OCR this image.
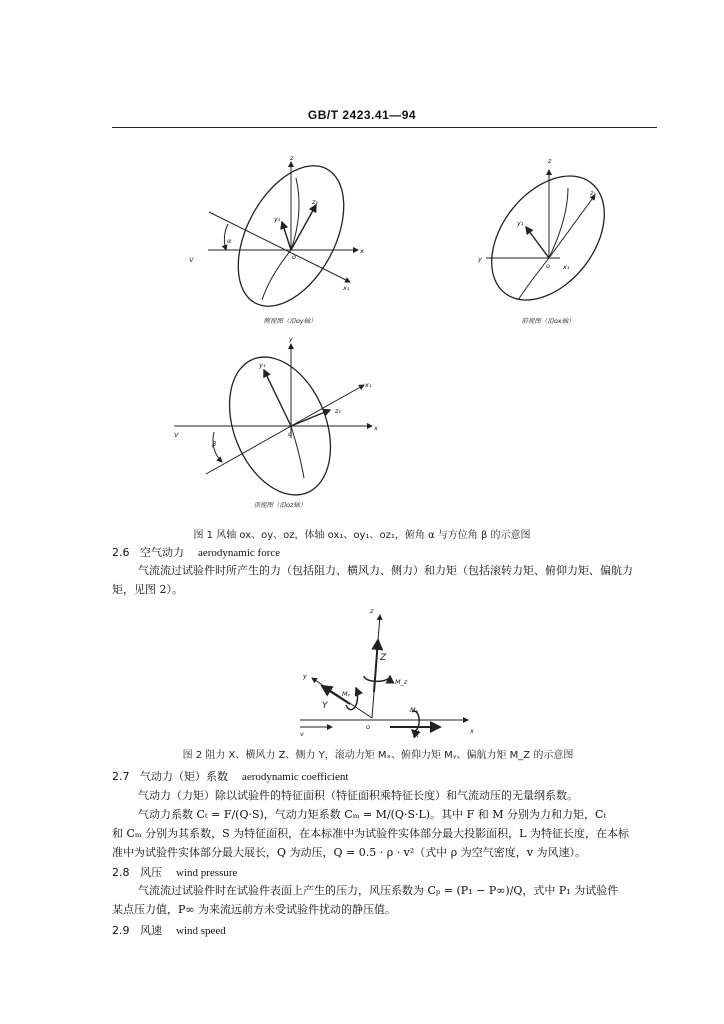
GB/T 2423.41—94
z
x
x₁
y₁
z₁
α
o
V
侧视图（沿oy轴）
z
z₁
y₁
y
x₁
o
前视图（沿ox轴）
y
y₁
x₁
z₁
x
V
β
o
顶视图（沿oz轴）
图 1 风轴 ox、oy、oz，体轴 ox₁、oy₁、oz₁，俯角 α 与方位角 β 的示意图
2.6 空气动力 aerodynamic force
气流流过试验件时所产生的力（包括阻力、横风力、侧力）和力矩（包括滚转力矩、俯仰力矩、偏航力
矩，见图 2）。
z
Z
y
Y
o	x
X
v
Mᵧ
M_z
Mₓ
图 2 阻力 X、横风力 Z、侧力 Y，滚动力矩 Mₓ、俯仰力矩 Mᵧ、偏航力矩 M_Z 的示意图
2.7 气动力（矩）系数 aerodynamic coefficient
气动力（力矩）除以试验件的特征面积（特征面积乘特征长度）和气流动压的无量纲系数。
气动力系数 Cₜ = F/(Q·S)，气动力矩系数 Cₘ = M/(Q·S·L)。其中 F 和 M 分别为力和力矩，Cₜ
和 Cₘ 分别为其系数，S 为特征面积，在本标准中为试验件实体部分最大投影面积，L 为特征长度，在本标
准中为试验件实体部分最大展长，Q 为动压，Q = 0.5 · ρ · v²（式中 ρ 为空气密度，v 为风速）。
2.8 风压 wind pressure
气流流过试验件时在试验件表面上产生的压力，风压系数为 Cₚ = (P₁ − P∞)/Q，式中 P₁ 为试验件
某点压力值，P∞ 为来流远前方未受试验件扰动的静压值。
2.9 风速 wind speed
